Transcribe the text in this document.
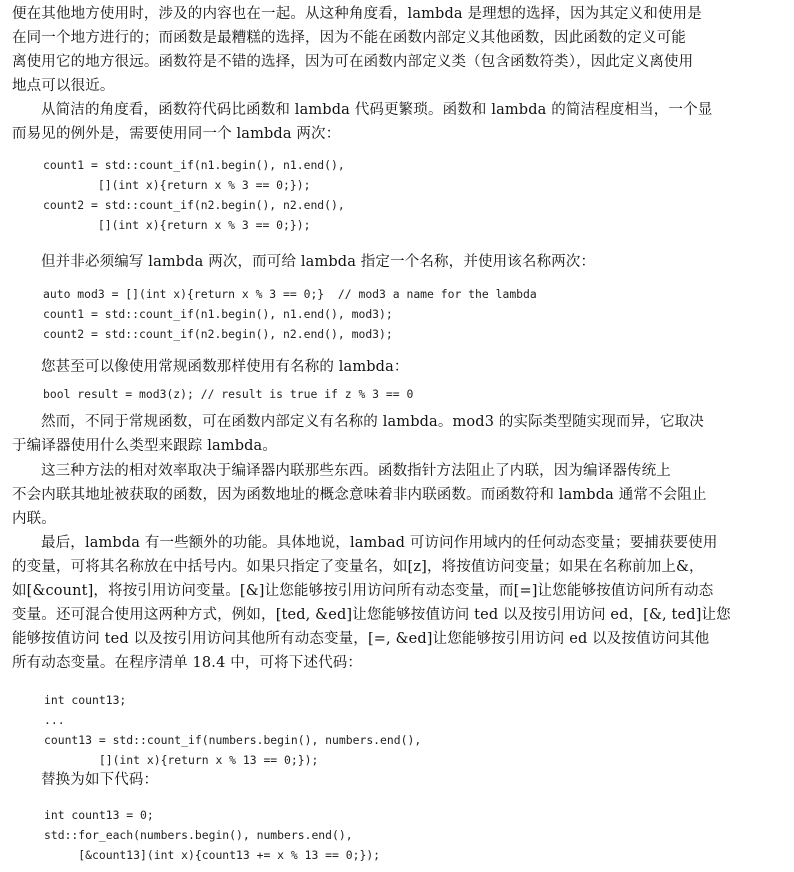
便在其他地方使用时，涉及的内容也在一起。从这种角度看，lambda 是理想的选择，因为其定义和使用是
在同一个地方进行的；而函数是最糟糕的选择，因为不能在函数内部定义其他函数，因此函数的定义可能
离使用它的地方很远。函数符是不错的选择，因为可在函数内部定义类（包含函数符类），因此定义离使用
地点可以很近。

从简洁的角度看，函数符代码比函数和 lambda 代码更繁琐。函数和 lambda 的简洁程度相当，一个显
而易见的例外是，需要使用同一个 lambda 两次：

count1 = std::count_if(n1.begin(), n1.end(),
[](int x){return x % 3 == 0;});
count2 = std::count_if(n2.begin(), n2.end(),
[](int x){return x % 3 == 0;});

但并非必须编写 lambda 两次，而可给 lambda 指定一个名称，并使用该名称两次：

auto mod3 = [](int x){return x % 3 == 0;}  // mod3 a name for the lambda
count1 = std::count_if(n1.begin(), n1.end(), mod3);
count2 = std::count_if(n2.begin(), n2.end(), mod3);

您甚至可以像使用常规函数那样使用有名称的 lambda：

bool result = mod3(z); // result is true if z % 3 == 0

然而，不同于常规函数，可在函数内部定义有名称的 lambda。mod3 的实际类型随实现而异，它取决
于编译器使用什么类型来跟踪 lambda。

这三种方法的相对效率取决于编译器内联那些东西。函数指针方法阻止了内联，因为编译器传统上
不会内联其地址被获取的函数，因为函数地址的概念意味着非内联函数。而函数符和 lambda 通常不会阻止
内联。

最后，lambda 有一些额外的功能。具体地说，lambad 可访问作用域内的任何动态变量；要捕获要使用
的变量，可将其名称放在中括号内。如果只指定了变量名，如[z]，将按值访问变量；如果在名称前加上&，
如[&count]，将按引用访问变量。[&]让您能够按引用访问所有动态变量，而[=]让您能够按值访问所有动态
变量。还可混合使用这两种方式，例如，[ted, &ed]让您能够按值访问 ted 以及按引用访问 ed，[&, ted]让您
能够按值访问 ted 以及按引用访问其他所有动态变量，[=, &ed]让您能够按引用访问 ed 以及按值访问其他
所有动态变量。在程序清单 18.4 中，可将下述代码：

int count13;
...
count13 = std::count_if(numbers.begin(), numbers.end(),
[](int x){return x % 13 == 0;});

替换为如下代码：

int count13 = 0;
std::for_each(numbers.begin(), numbers.end(),
[&count13](int x){count13 += x % 13 == 0;});
